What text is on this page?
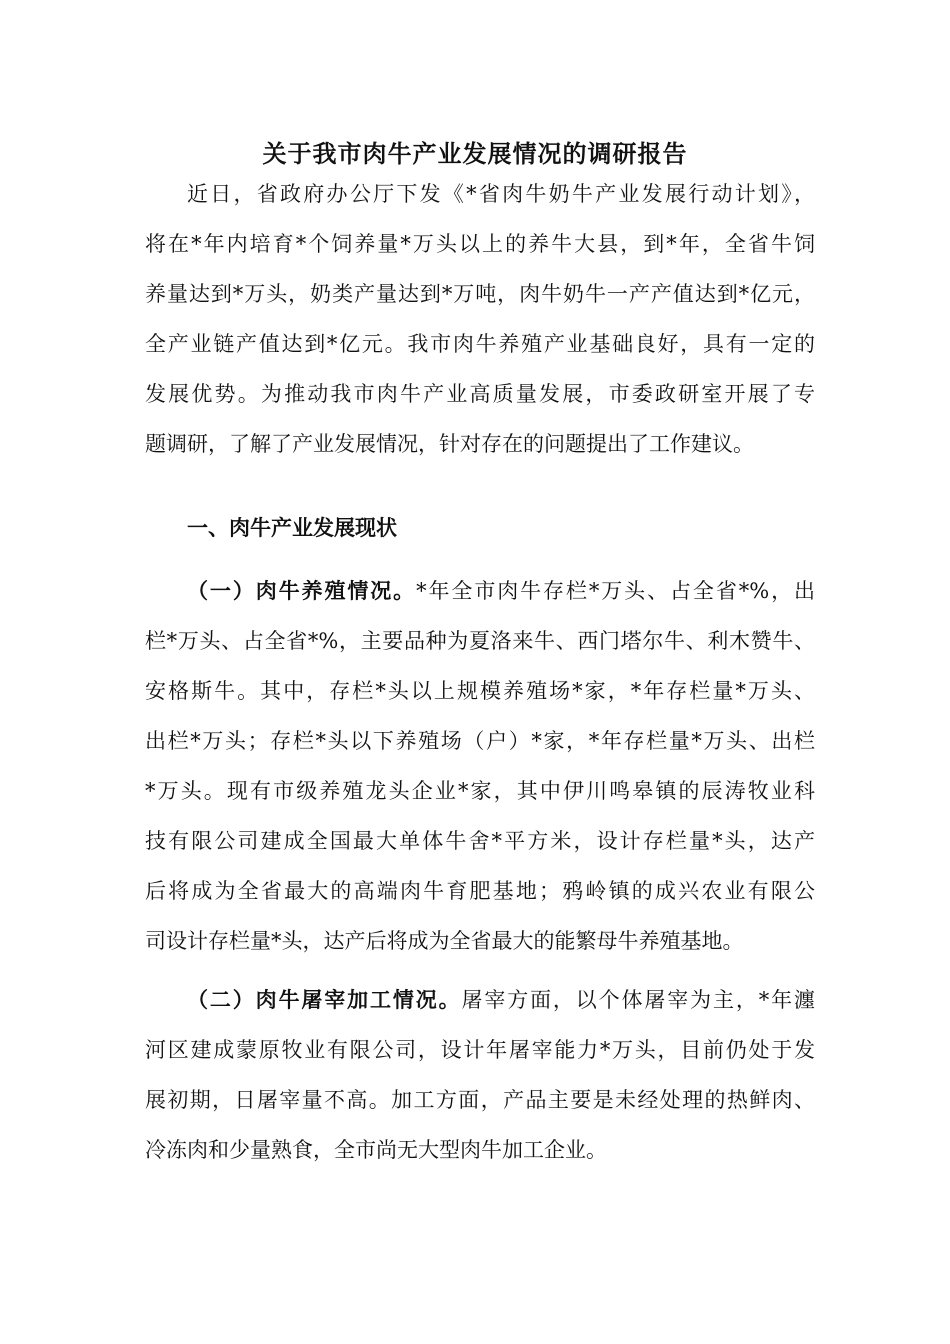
关于我市肉牛产业发展情况的调研报告
近日，省政府办公厅下发《*省肉牛奶牛产业发展行动计划》，
将在*年内培育*个饲养量*万头以上的养牛大县，到*年，全省牛饲
养量达到*万头，奶类产量达到*万吨，肉牛奶牛一产产值达到*亿元，
全产业链产值达到*亿元。我市肉牛养殖产业基础良好，具有一定的
发展优势。为推动我市肉牛产业高质量发展，市委政研室开展了专
题调研，了解了产业发展情况，针对存在的问题提出了工作建议。
一、肉牛产业发展现状
（一）肉牛养殖情况。*年全市肉牛存栏*万头、占全省*%，出
栏*万头、占全省*%，主要品种为夏洛来牛、西门塔尔牛、利木赞牛、
安格斯牛。其中，存栏*头以上规模养殖场*家，*年存栏量*万头、
出栏*万头；存栏*头以下养殖场（户）*家，*年存栏量*万头、出栏
*万头。现有市级养殖龙头企业*家，其中伊川鸣皋镇的辰涛牧业科
技有限公司建成全国最大单体牛舍*平方米，设计存栏量*头，达产
后将成为全省最大的高端肉牛育肥基地；鸦岭镇的成兴农业有限公
司设计存栏量*头，达产后将成为全省最大的能繁母牛养殖基地。
（二）肉牛屠宰加工情况。屠宰方面，以个体屠宰为主，*年瀍
河区建成蒙原牧业有限公司，设计年屠宰能力*万头，目前仍处于发
展初期，日屠宰量不高。加工方面，产品主要是未经处理的热鲜肉、
冷冻肉和少量熟食，全市尚无大型肉牛加工企业。
